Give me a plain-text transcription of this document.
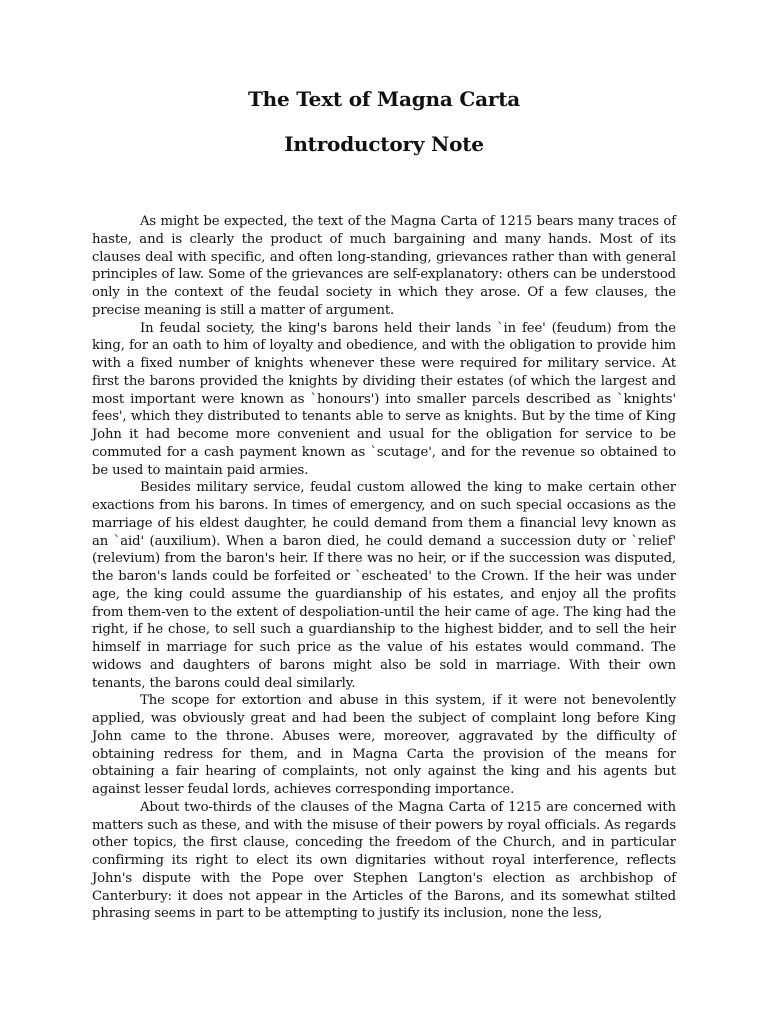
The Text of Magna Carta
Introductory Note

As might be expected, the text of the Magna Carta of 1215 bears many traces of haste, and is clearly the product of much bargaining and many hands. Most of its clauses deal with specific, and often long-standing, grievances rather than with general principles of law. Some of the grievances are self-explanatory: others can be understood only in the context of the feudal society in which they arose. Of a few clauses, the precise meaning is still a matter of argument.

In feudal society, the king's barons held their lands `in fee' (feudum) from the king, for an oath to him of loyalty and obedience, and with the obligation to provide him with a fixed number of knights whenever these were required for military service. At first the barons provided the knights by dividing their estates (of which the largest and most important were known as `honours') into smaller parcels described as `knights' fees', which they distributed to tenants able to serve as knights. But by the time of King John it had become more convenient and usual for the obligation for service to be commuted for a cash payment known as `scutage', and for the revenue so obtained to be used to maintain paid armies.

Besides military service, feudal custom allowed the king to make certain other exactions from his barons. In times of emergency, and on such special occasions as the marriage of his eldest daughter, he could demand from them a financial levy known as an `aid' (auxilium). When a baron died, he could demand a succession duty or `relief' (relevium) from the baron's heir. If there was no heir, or if the succession was disputed, the baron's lands could be forfeited or `escheated' to the Crown. If the heir was under age, the king could assume the guardianship of his estates, and enjoy all the profits from them-ven to the extent of despoliation-until the heir came of age. The king had the right, if he chose, to sell such a guardianship to the highest bidder, and to sell the heir himself in marriage for such price as the value of his estates would command. The widows and daughters of barons might also be sold in marriage. With their own tenants, the barons could deal similarly.

The scope for extortion and abuse in this system, if it were not benevolently applied, was obviously great and had been the subject of complaint long before King John came to the throne. Abuses were, moreover, aggravated by the difficulty of obtaining redress for them, and in Magna Carta the provision of the means for obtaining a fair hearing of complaints, not only against the king and his agents but against lesser feudal lords, achieves corresponding importance.

About two-thirds of the clauses of the Magna Carta of 1215 are concerned with matters such as these, and with the misuse of their powers by royal officials. As regards other topics, the first clause, conceding the freedom of the Church, and in particular confirming its right to elect its own dignitaries without royal interference, reflects John's dispute with the Pope over Stephen Langton's election as archbishop of Canterbury: it does not appear in the Articles of the Barons, and its somewhat stilted phrasing seems in part to be attempting to justify its inclusion, none the less,
